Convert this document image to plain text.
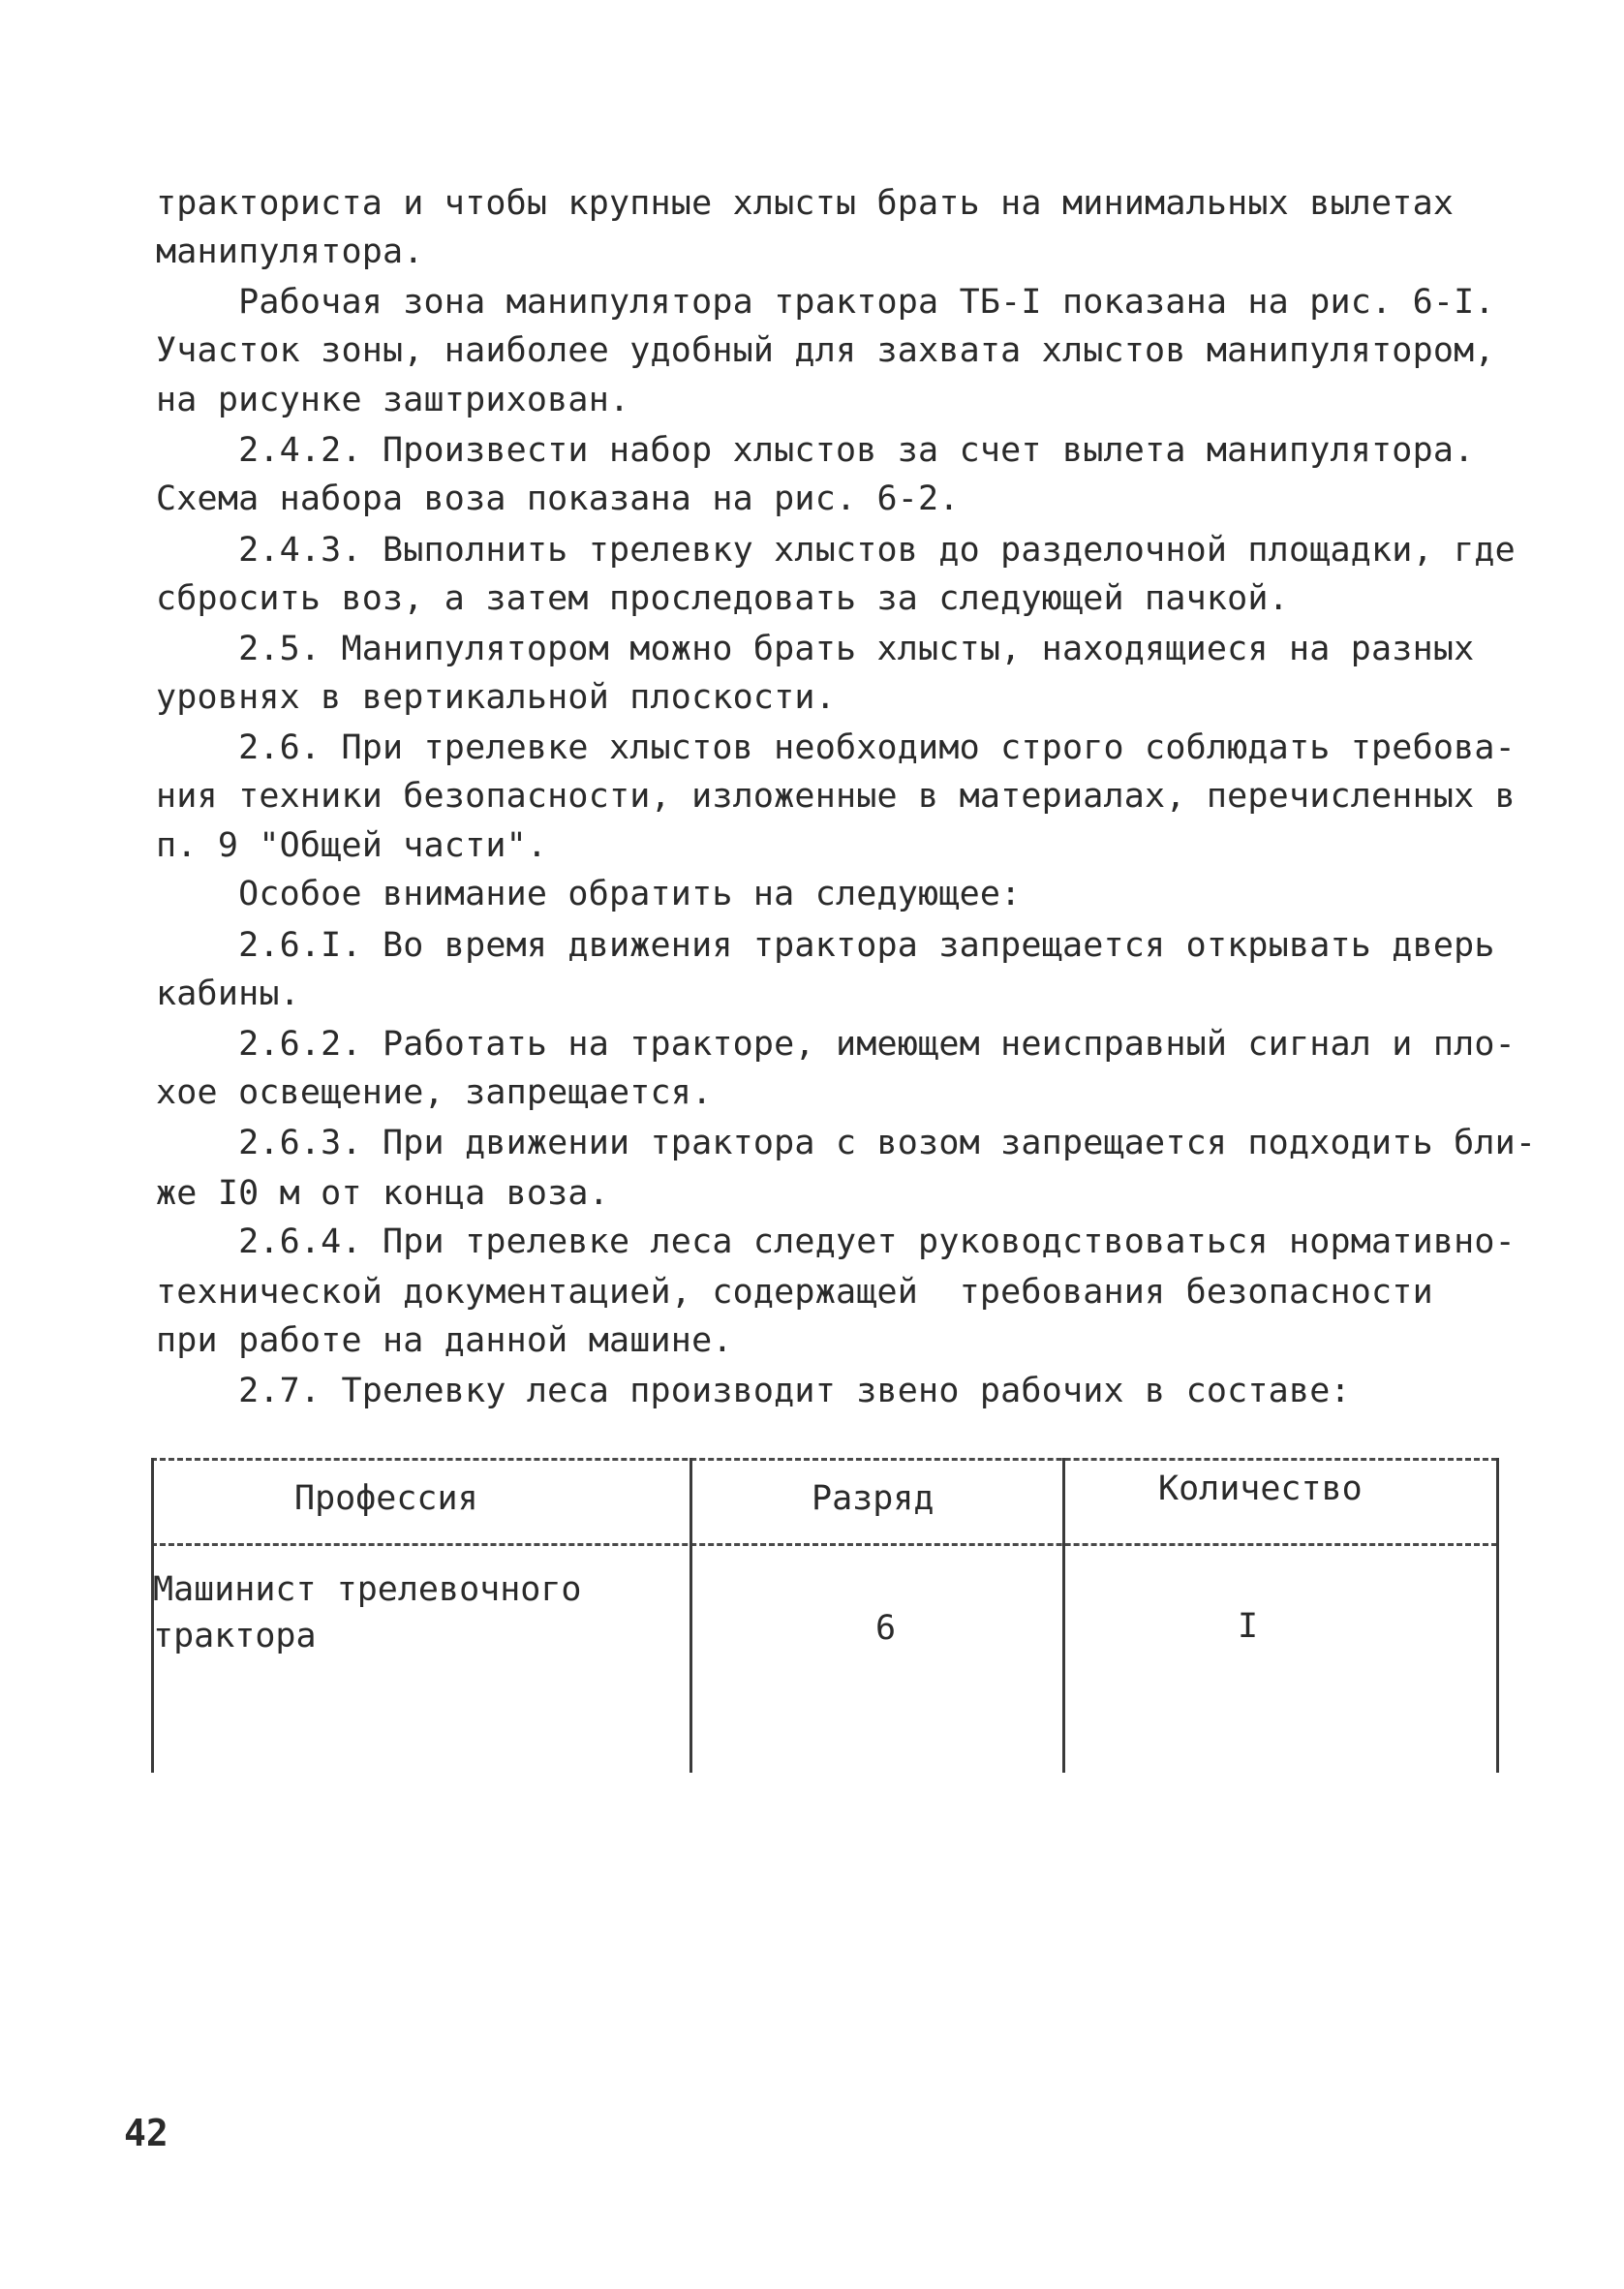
тракториста и чтобы крупные хлысты брать на минимальных вылетах
манипулятора.
Рабочая зона манипулятора трактора ТБ-I показана на рис. 6-I.
Участок зоны, наиболее удобный для захвата хлыстов манипулятором,
на рисунке заштрихован.
2.4.2. Произвести набор хлыстов за счет вылета манипулятора.
Схема набора воза показана на рис. 6-2.
2.4.3. Выполнить трелевку хлыстов до разделочной площадки, где
сбросить воз, а затем проследовать за следующей пачкой.
2.5. Манипулятором можно брать хлысты, находящиеся на разных
уровнях в вертикальной плоскости.
2.6. При трелевке хлыстов необходимо строго соблюдать требова-
ния техники безопасности, изложенные в материалах, перечисленных в
п. 9 "Общей части".
Особое внимание обратить на следующее:
2.6.I. Во время движения трактора запрещается открывать дверь
кабины.
2.6.2. Работать на тракторе, имеющем неисправный сигнал и пло-
хое освещение, запрещается.
2.6.3. При движении трактора с возом запрещается подходить бли-
же I0 м от конца воза.
2.6.4. При трелевке леса следует руководствоваться нормативно-
технической документацией, содержащей  требования безопасности
при работе на данной машине.
2.7. Трелевку леса производит звено рабочих в составе:
Профессия	Разряд	Количество
Машинист трелевочного
трактора	6	I
42
